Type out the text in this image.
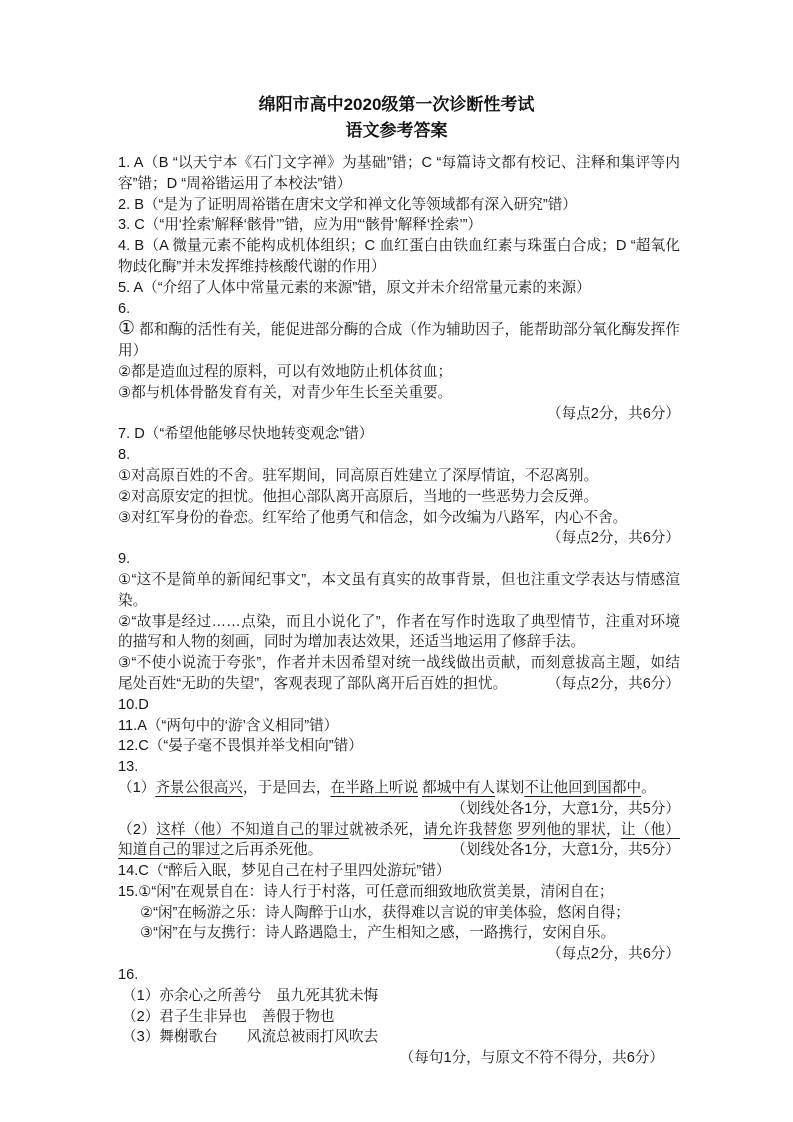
绵阳市高中2020级第一次诊断性考试

语文参考答案

1. A（B “以天宁本《石门文字禅》为基础”错；C “每篇诗文都有校记、注释和集评等内容”错；D “周裕锴运用了本校法”错）

2. B（“是为了证明周裕锴在唐宋文学和禅文化等领域都有深入研究”错）

3. C（“用‘拴索’解释‘骸骨’”错，应为用“‘骸骨’解释‘拴索’”）

4. B（A 微量元素不能构成机体组织；C 血红蛋白由铁血红素与珠蛋白合成；D “超氧化物歧化酶”并未发挥维持核酸代谢的作用）

5. A（“介绍了人体中常量元素的来源”错，原文并未介绍常量元素的来源）

6.

① 都和酶的活性有关，能促进部分酶的合成（作为辅助因子，能帮助部分氧化酶发挥作用）

②都是造血过程的原料，可以有效地防止机体贫血；

③都与机体骨骼发育有关，对青少年生长至关重要。

（每点2分，共6分）

7. D（“希望他能够尽快地转变观念”错）

8.

①对高原百姓的不舍。驻军期间，同高原百姓建立了深厚情谊，不忍离别。

②对高原安定的担忧。他担心部队离开高原后，当地的一些恶势力会反弹。

③对红军身份的眷恋。红军给了他勇气和信念，如今改编为八路军，内心不舍。

（每点2分，共6分）

9.

①“这不是简单的新闻纪事文”，本文虽有真实的故事背景，但也注重文学表达与情感渲染。

②“故事是经过……点染，而且小说化了”，作者在写作时选取了典型情节，注重对环境的描写和人物的刻画，同时为增加表达效果，还适当地运用了修辞手法。

③“不使小说流于夸张”，作者并未因希望对统一战线做出贡献，而刻意拔高主题，如结尾处百姓“无助的失望”，客观表现了部队离开后百姓的担忧。	（每点2分，共6分）

10.D

11.A（“两句中的‘游’含义相同”错）

12.C（“晏子毫不畏惧并举戈相向”错）

13.

（1）齐景公很高兴，于是回去，在半路上听说 都城中有人谋划不让他回到国都中。

（划线处各1分，大意1分，共5分）

（2）这样（他）不知道自己的罪过就被杀死，请允许我替您 罗列他的罪状，让（他）知道自己的罪过之后再杀死他。	（划线处各1分，大意1分，共5分）

14.C（“醉后入眠，梦见自己在村子里四处游玩”错）

15.①“闲”在观景自在：诗人行于村落，可任意而细致地欣赏美景，清闲自在；

②“闲”在畅游之乐：诗人陶醉于山水，获得难以言说的审美体验，悠闲自得；

③“闲”在与友携行：诗人路遇隐士，产生相知之感，一路携行，安闲自乐。

（每点2分，共6分）

16.

（1）亦余心之所善兮　虽九死其犹未悔

（2）君子生非异也　善假于物也

（3）舞榭歌台　　风流总被雨打风吹去

（每句1分，与原文不符不得分，共6分）
